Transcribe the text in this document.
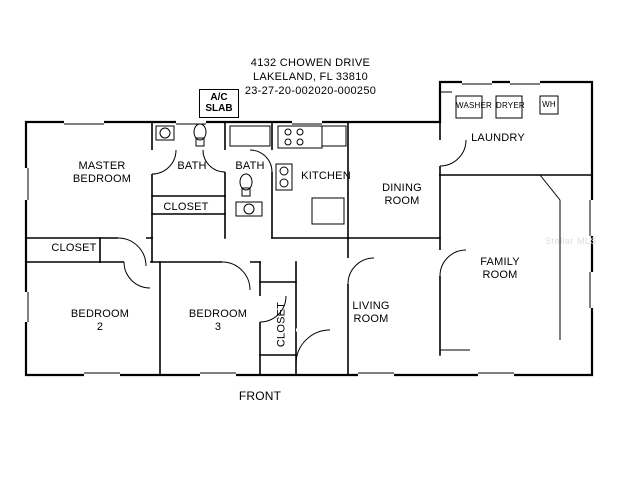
4132 CHOWEN DRIVE
LAKELAND, FL 33810
23-27-20-002020-000250
A/C
SLAB
MASTER
BEDROOM
BATH	BATH
KITCHEN
DINING
ROOM
LAUNDRY
FAMILY
ROOM
LIVING
ROOM
CLOSET
CLOSET
BEDROOM
2
BEDROOM
3	CLOSET
WASHER DRYER WH
FRONT
Stellar MLS
